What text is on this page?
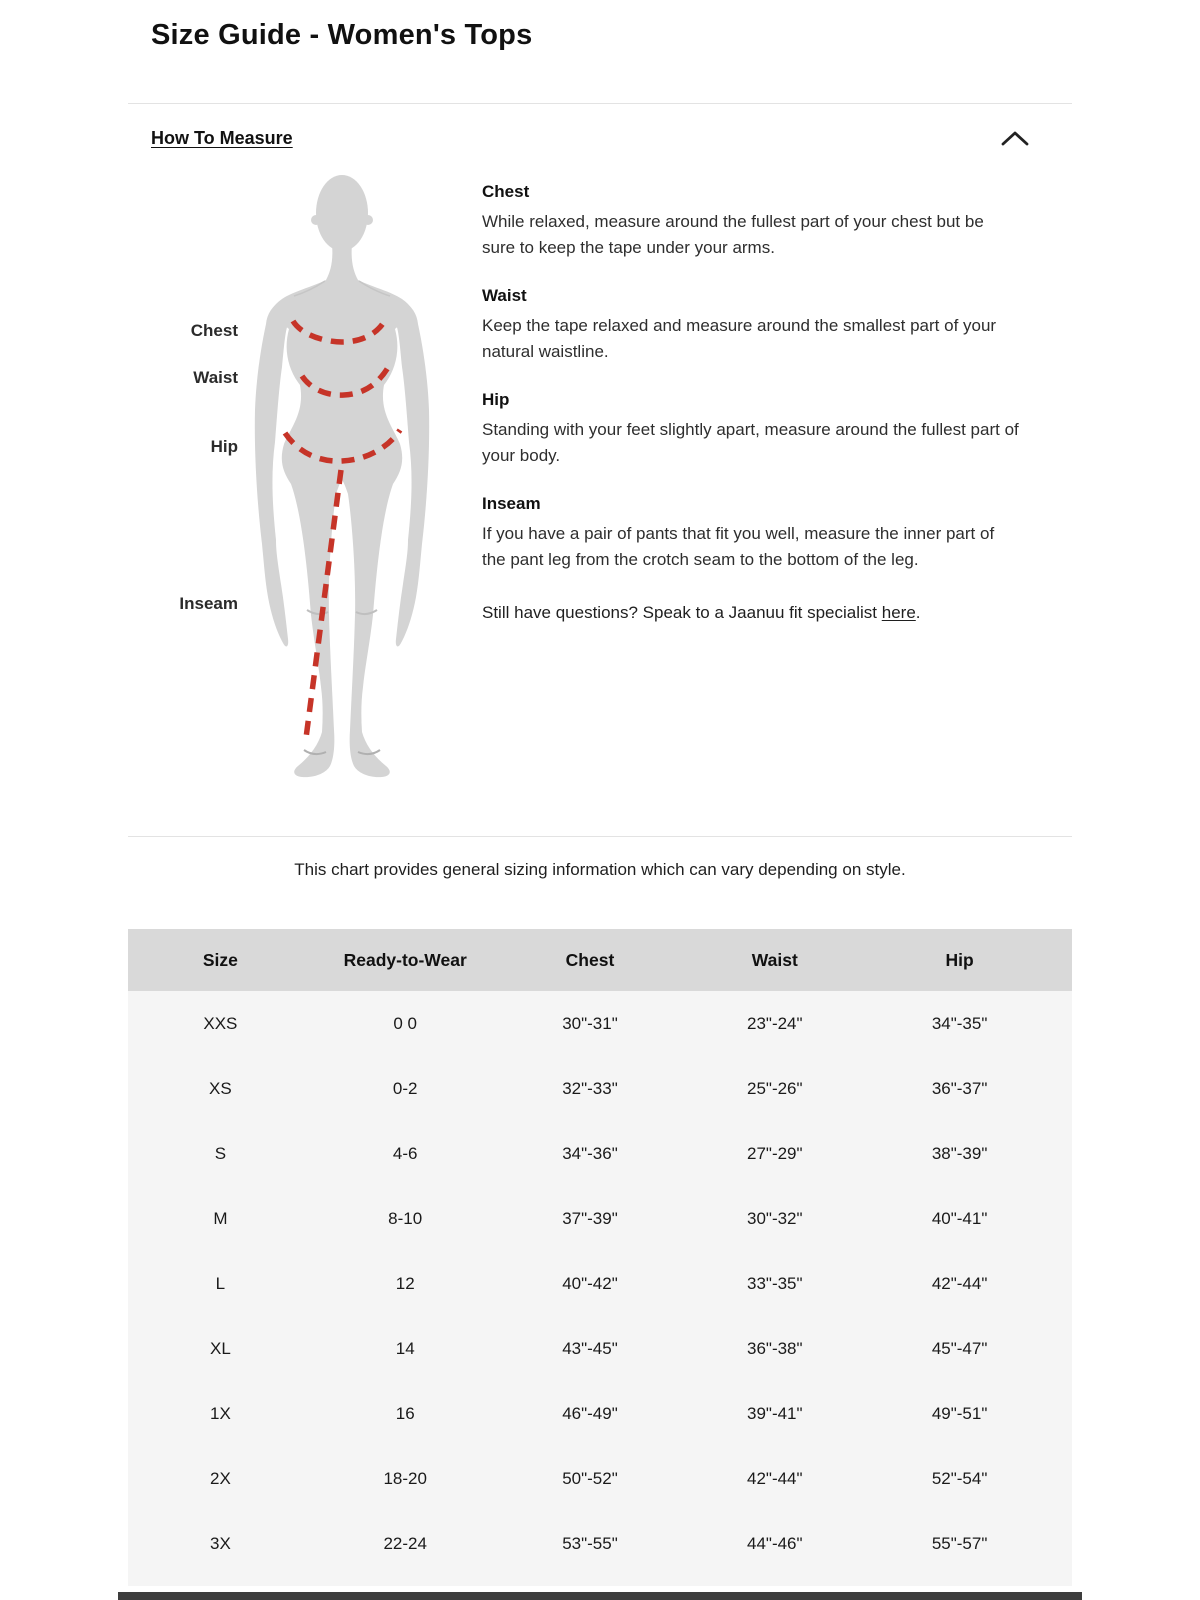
Size Guide - Women's Tops
How To Measure
Chest
Waist
Hip
Inseam
Chest

While relaxed, measure around the fullest part of your chest but be sure to keep the tape under your arms.

Waist

Keep the tape relaxed and measure around the smallest part of your natural waistline.

Hip

Standing with your feet slightly apart, measure around the fullest part of your body.

Inseam

If you have a pair of pants that fit you well, measure the inner part of the pant leg from the crotch seam to the bottom of the leg.

Still have questions? Speak to a Jaanuu fit specialist here.

This chart provides general sizing information which can vary depending on style.

Size	Ready-to-Wear	Chest	Waist	Hip
XXS	0 0	30"-31"	23"-24"	34"-35"
XS	0-2	32"-33"	25"-26"	36"-37"
S	4-6	34"-36"	27"-29"	38"-39"
M	8-10	37"-39"	30"-32"	40"-41"
L	12	40"-42"	33"-35"	42"-44"
XL	14	43"-45"	36"-38"	45"-47"
1X	16	46"-49"	39"-41"	49"-51"
2X	18-20	50"-52"	42"-44"	52"-54"
3X	22-24	53"-55"	44"-46"	55"-57"
